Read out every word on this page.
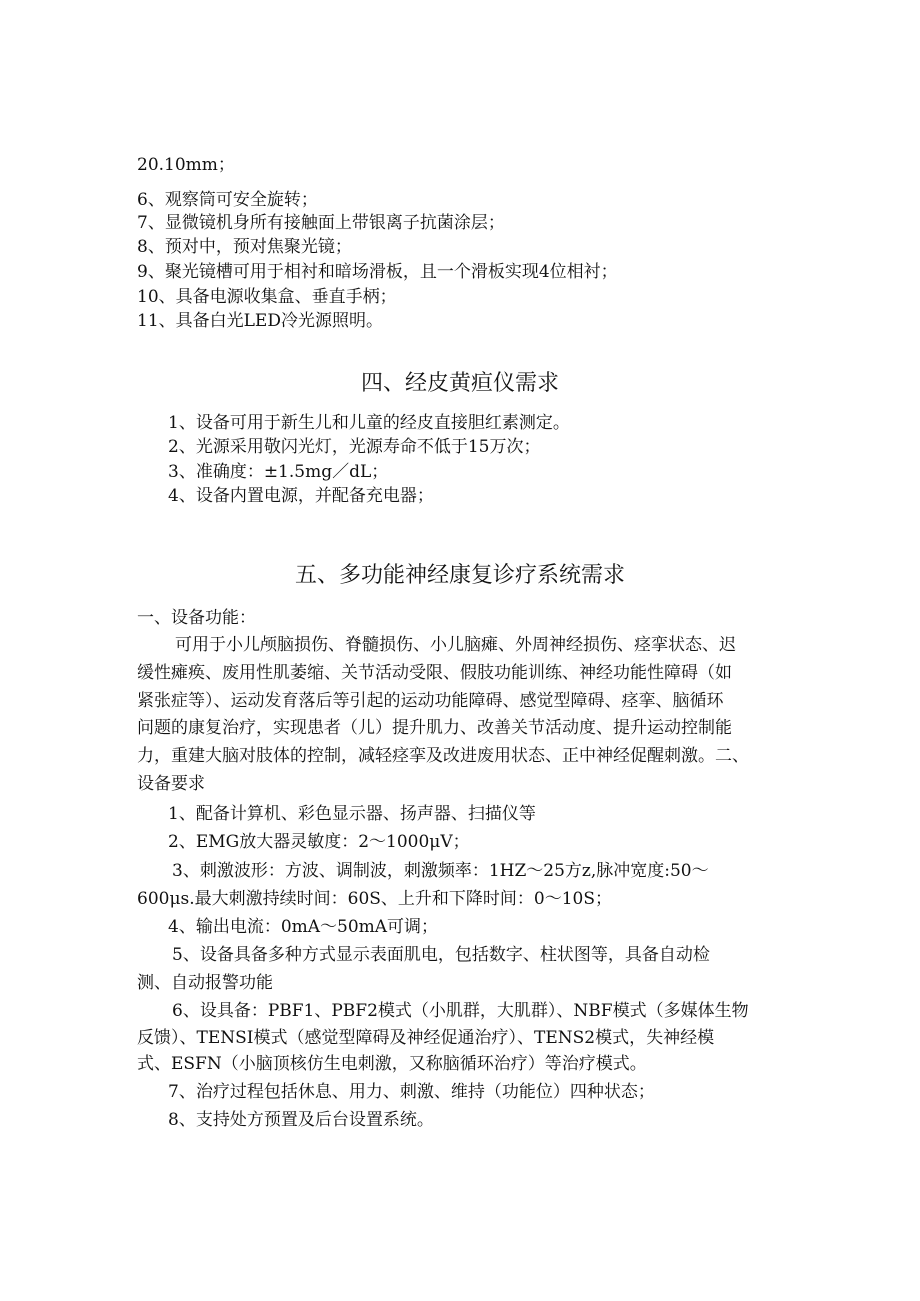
20.10mm；

6、观察筒可安全旋转；

7、显微镜机身所有接触面上带银离子抗菌涂层；

8、预对中，预对焦聚光镜；

9、聚光镜槽可用于相衬和暗场滑板，且一个滑板实现4位相衬；

10、具备电源收集盒、垂直手柄；

11、具备白光LED冷光源照明。

四、经皮黄疸仪需求

1、设备可用于新生儿和儿童的经皮直接胆红素测定。

2、光源采用敬闪光灯，光源寿命不低于15万次；

3、准确度：±1.5mg／dL；

4、设备内置电源，并配备充电器；

五、多功能神经康复诊疗系统需求

一、设备功能：

可用于小儿颅脑损伤、脊髓损伤、小儿脑瘫、外周神经损伤、痉挛状态、迟

缓性瘫痪、废用性肌萎缩、关节活动受限、假肢功能训练、神经功能性障碍（如

紧张症等）、运动发育落后等引起的运动功能障碍、感觉型障碍、痉挛、脑循环

问题的康复治疗，实现患者（儿）提升肌力、改善关节活动度、提升运动控制能

力，重建大脑对肢体的控制，减轻痉挛及改进废用状态、正中神经促醒刺激。二、

设备要求

1、配备计算机、彩色显示器、扬声器、扫描仪等

2、EMG放大器灵敏度：2～1000μV；

3、刺激波形：方波、调制波，刺激频率：1HZ～25方z,脉冲宽度:50～

600μs.最大刺激持续时间：60S、上升和下降时间：0～10S；

4、输出电流：0mA～50mA可调；

5、设备具备多种方式显示表面肌电，包括数字、柱状图等，具备自动检

测、自动报警功能

6、设具备：PBF1、PBF2模式（小肌群，大肌群）、NBF模式（多媒体生物

反馈）、TENSI模式（感觉型障碍及神经促通治疗）、TENS2模式，失神经模

式、ESFN（小脑顶核仿生电刺激，又称脑循环治疗）等治疗模式。

7、治疗过程包括休息、用力、刺激、维持（功能位）四种状态；

8、支持处方预置及后台设置系统。
